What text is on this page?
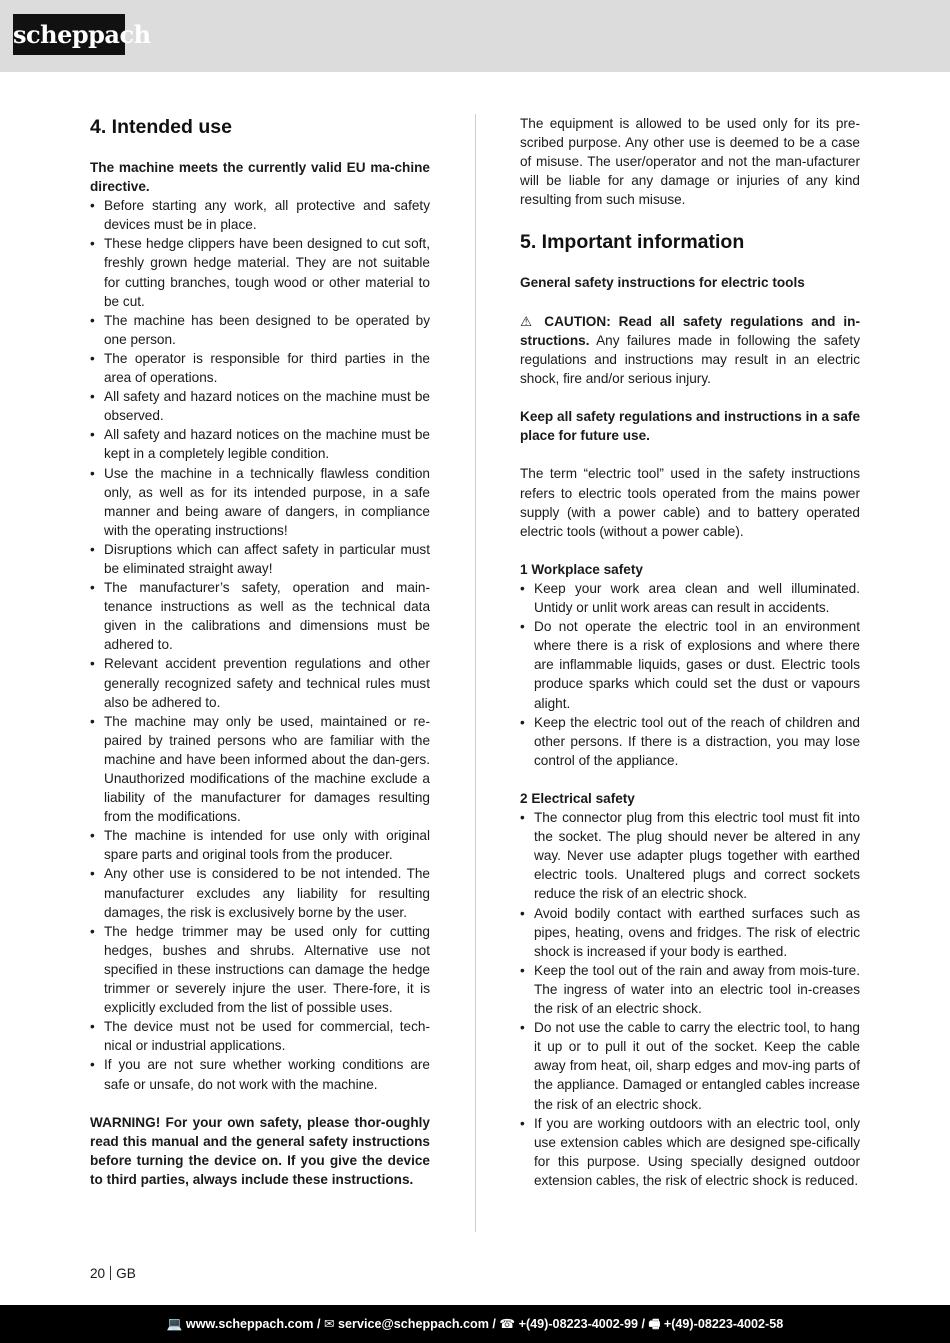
scheppach
4. Intended use

The machine meets the currently valid EU ma-chine directive.

• Before starting any work, all protective and safety devices must be in place.
• These hedge clippers have been designed to cut soft, freshly grown hedge material. They are not suitable for cutting branches, tough wood or other material to be cut.
• The machine has been designed to be operated by one person.
• The operator is responsible for third parties in the area of operations.
• All safety and hazard notices on the machine must be observed.
• All safety and hazard notices on the machine must be kept in a completely legible condition.
• Use the machine in a technically flawless condition only, as well as for its intended purpose, in a safe manner and being aware of dangers, in compliance with the operating instructions!
• Disruptions which can affect safety in particular must be eliminated straight away!
• The manufacturer’s safety, operation and main-tenance instructions as well as the technical data given in the calibrations and dimensions must be adhered to.
• Relevant accident prevention regulations and other generally recognized safety and technical rules must also be adhered to.
• The machine may only be used, maintained or re-paired by trained persons who are familiar with the machine and have been informed about the dan-gers. Unauthorized modifications of the machine exclude a liability of the manufacturer for damages resulting from the modifications.
• The machine is intended for use only with original spare parts and original tools from the producer.
• Any other use is considered to be not intended. The manufacturer excludes any liability for resulting damages, the risk is exclusively borne by the user.
• The hedge trimmer may be used only for cutting hedges, bushes and shrubs. Alternative use not specified in these instructions can damage the hedge trimmer or severely injure the user. There-fore, it is explicitly excluded from the list of possible uses.
• The device must not be used for commercial, tech-nical or industrial applications.
• If you are not sure whether working conditions are safe or unsafe, do not work with the machine.

WARNING! For your own safety, please thor-oughly read this manual and the general safety instructions before turning the device on. If you give the device to third parties, always include these instructions.

The equipment is allowed to be used only for its pre-scribed purpose. Any other use is deemed to be a case of misuse. The user/operator and not the man-ufacturer will be liable for any damage or injuries of any kind resulting from such misuse.

5. Important information

General safety instructions for electric tools

⚠ CAUTION: Read all safety regulations and in-structions. Any failures made in following the safety regulations and instructions may result in an electric shock, fire and/or serious injury.

Keep all safety regulations and instructions in a safe place for future use.

The term “electric tool” used in the safety instructions refers to electric tools operated from the mains power supply (with a power cable) and to battery operated electric tools (without a power cable).

1 Workplace safety

• Keep your work area clean and well illuminated. Untidy or unlit work areas can result in accidents.
• Do not operate the electric tool in an environment where there is a risk of explosions and where there are inflammable liquids, gases or dust. Electric tools produce sparks which could set the dust or vapours alight.
• Keep the electric tool out of the reach of children and other persons. If there is a distraction, you may lose control of the appliance.

2 Electrical safety

• The connector plug from this electric tool must fit into the socket. The plug should never be altered in any way. Never use adapter plugs together with earthed electric tools. Unaltered plugs and correct sockets reduce the risk of an electric shock.
• Avoid bodily contact with earthed surfaces such as pipes, heating, ovens and fridges. The risk of electric shock is increased if your body is earthed.
• Keep the tool out of the rain and away from mois-ture. The ingress of water into an electric tool in-creases the risk of an electric shock.
• Do not use the cable to carry the electric tool, to hang it up or to pull it out of the socket. Keep the cable away from heat, oil, sharp edges and mov-ing parts of the appliance. Damaged or entangled cables increase the risk of an electric shock.
• If you are working outdoors with an electric tool, only use extension cables which are designed spe-cifically for this purpose. Using specially designed outdoor extension cables, the risk of electric shock is reduced.
20 GB
💻 www.scheppach.com / ✉ service@scheppach.com / ☎ +(49)-08223-4002-99 / 🖷 +(49)-08223-4002-58
